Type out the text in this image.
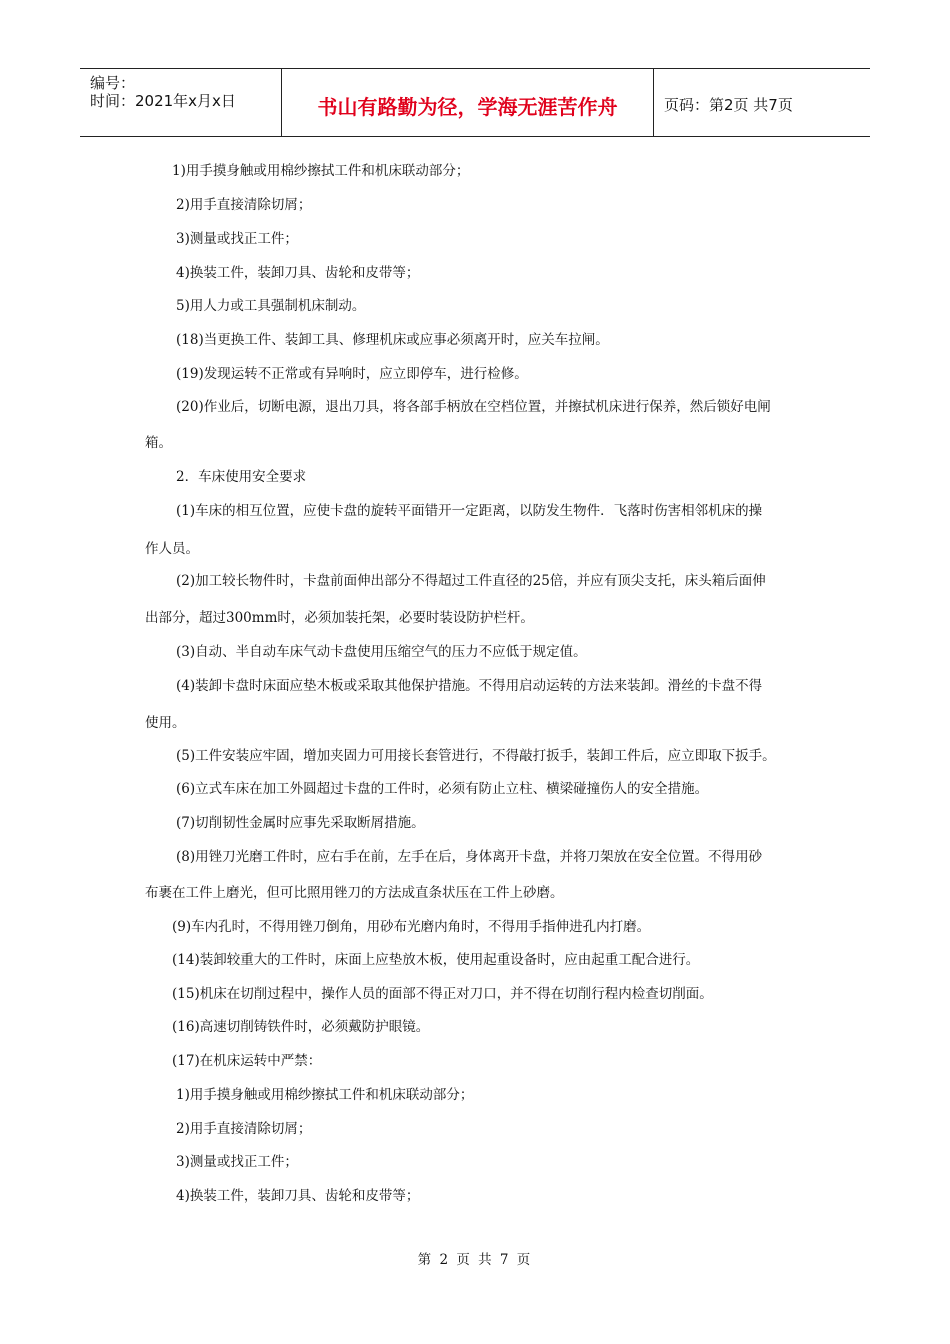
编号：
时间：2021年x月x日	书山有路勤为径，学海无涯苦作舟	页码：第2页 共7页
1)用手摸身触或用棉纱擦拭工件和机床联动部分；
2)用手直接清除切屑；
3)测量或找正工件；
4)换装工件，装卸刀具、齿轮和皮带等；
5)用人力或工具强制机床制动。
(18)当更换工件、装卸工具、修理机床或应事必须离开时，应关车拉闸。
(19)发现运转不正常或有异响时，应立即停车，进行检修。
(20)作业后，切断电源，退出刀具，将各部手柄放在空档位置，并擦拭机床进行保养，然后锁好电闸
箱。
2．车床使用安全要求
(1)车床的相互位置，应使卡盘的旋转平面错开一定距离，以防发生物件．飞落时伤害相邻机床的操
作人员。
(2)加工较长物件时，卡盘前面伸出部分不得超过工件直径的25倍，并应有顶尖支托，床头箱后面伸
出部分，超过300mm时，必须加装托架，必要时装设防护栏杆。
(3)自动、半自动车床气动卡盘使用压缩空气的压力不应低于规定值。
(4)装卸卡盘时床面应垫木板或采取其他保护措施。不得用启动运转的方法来装卸。滑丝的卡盘不得
使用。
(5)工件安装应牢固，增加夹固力可用接长套管进行，不得敲打扳手，装卸工件后，应立即取下扳手。
(6)立式车床在加工外圆超过卡盘的工件时，必须有防止立柱、横梁碰撞伤人的安全措施。
(7)切削韧性金属时应事先采取断屑措施。
(8)用锉刀光磨工件时，应右手在前，左手在后，身体离开卡盘，并将刀架放在安全位置。不得用砂
布裹在工件上磨光，但可比照用锉刀的方法成直条状压在工件上砂磨。
(9)车内孔时，不得用锉刀倒角，用砂布光磨内角时，不得用手指伸进孔内打磨。
(14)装卸较重大的工件时，床面上应垫放木板，使用起重设备时，应由起重工配合进行。
(15)机床在切削过程中，操作人员的面部不得正对刀口，并不得在切削行程内检查切削面。
(16)高速切削铸铁件时，必须戴防护眼镜。
(17)在机床运转中严禁：
1)用手摸身触或用棉纱擦拭工件和机床联动部分；
2)用手直接清除切屑；
3)测量或找正工件；
4)换装工件，装卸刀具、齿轮和皮带等；
第 2 页 共 7 页
